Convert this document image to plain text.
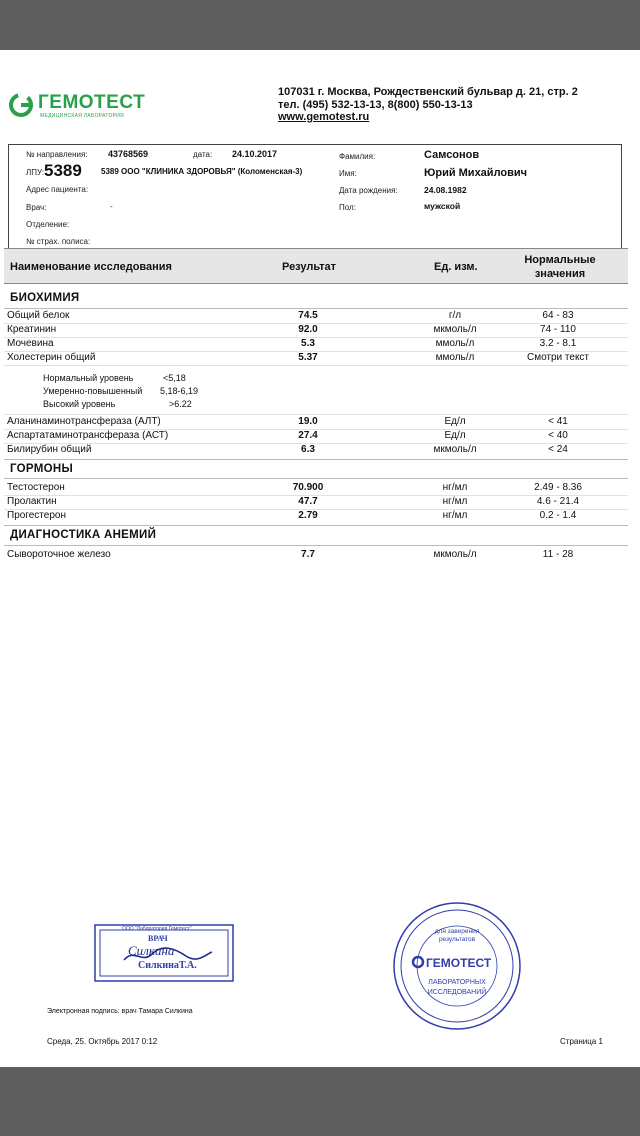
ГЕМОТЕСТ
МЕДИЦИНСКАЯ ЛАБОРАТОРИЯ
107031 г. Москва, Рождественский бульвар д. 21, стр. 2
тел. (495) 532-13-13, 8(800) 550-13-13
www.gemotest.ru
№ направления: 43768569	дата: 24.10.2017
ЛПУ: 5389 5389 ООО "КЛИНИКА ЗДОРОВЬЯ" (Коломенская-3)
Адрес пациента:
Врач:	-
Отделение:
№ страх. полиса:
Фамилия:	Самсонов
Имя:	Юрий Михайлович
Дата рождения:	24.08.1982
Пол:	мужской
Наименование исследования	Результат	Ед. изм.
Нормальные
значения
БИОХИМИЯ
Общий белок	74.5	г/л	64 - 83
Креатинин	92.0	мкмоль/л	74 - 110
Мочевина	5.3	ммоль/л	3.2 - 8.1
Холестерин общий	5.37	ммоль/л	Смотри текст
Нормальный уровень	<5,18
Умеренно-повышенный 5,18-6,19
Высокий уровень	>6.22
Аланинаминотрансфераза (АЛТ)	19.0	Ед/л	< 41
Аспартатаминотрансфераза (АСТ)	27.4	Ед/л	< 40
Билирубин общий	6.3	мкмоль/л	< 24
ГОРМОНЫ
Тестостерон	70.900	нг/мл	2.49 - 8.36
Пролактин	47.7	нг/мл	4.6 - 21.4
Прогестерон	2.79	нг/мл	0.2 - 1.4
ДИАГНОСТИКА АНЕМИЙ
Сывороточное железо	7.7	мкмоль/л	11 - 28
ООО "Лаборатория Гемотест"
ВРАЧ
Силкина
СилкинаТ.А.
для заверения результатов
ГЕМОТЕСТ
ЛАБОРАТОРНЫХ
ИССЛЕДОВАНИЙ
Электронная подпись: врач Тамара Силкина
Среда, 25. Октябрь 2017 0:12	Страница 1
